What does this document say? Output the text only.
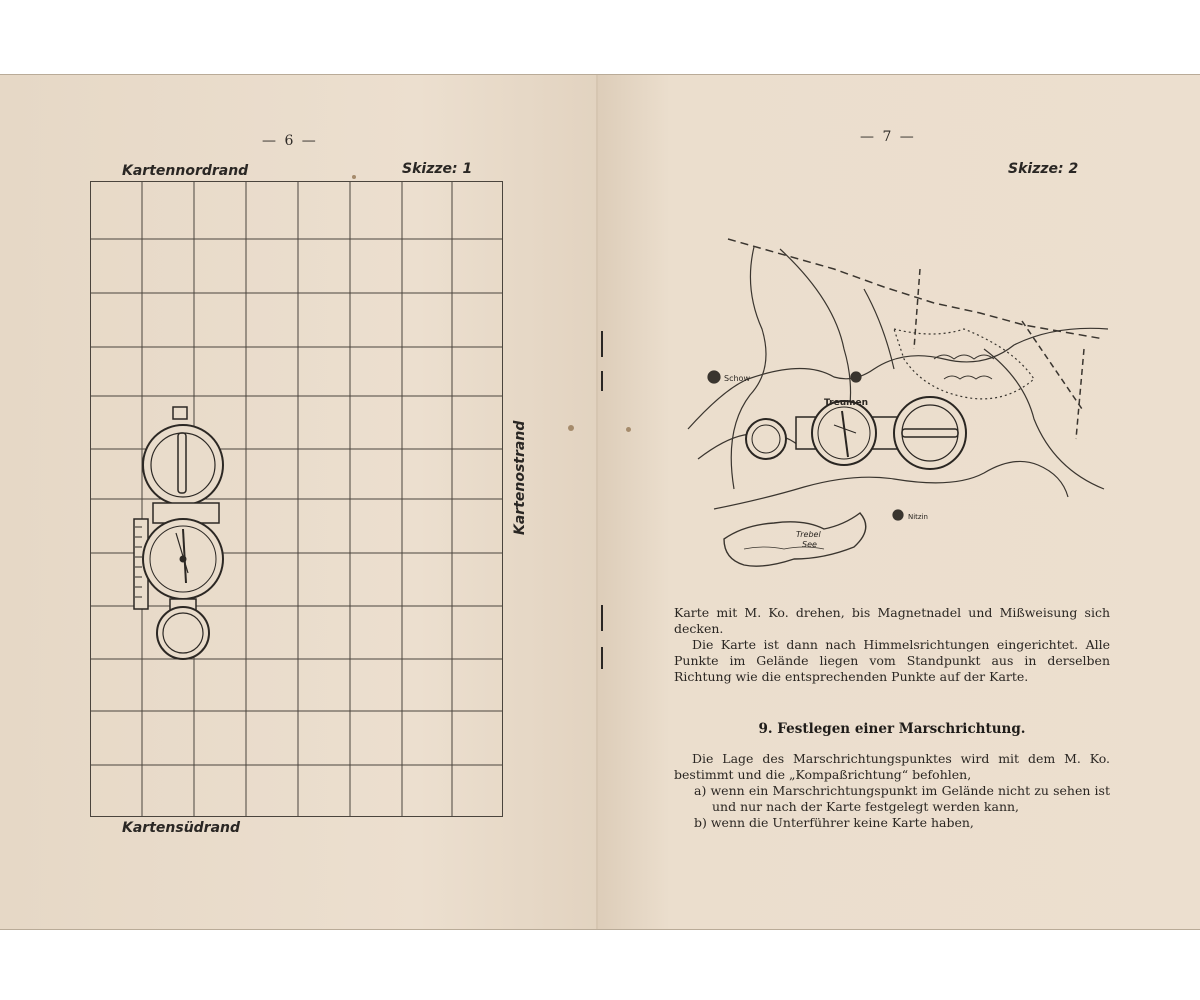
— 6 —
Kartennordrand	Skizze: 1
Kartenostrand
Kartensüdrand
— 7 —
Skizze: 2
Schow
Treumen
Nitzin
Trebel
See

Karte mit M. Ko. drehen, bis Magnetnadel und Mißweisung sich decken.

Die Karte ist dann nach Himmelsrichtungen eingerichtet. Alle Punkte im Gelände liegen vom Standpunkt aus in derselben Richtung wie die entsprechenden Punkte auf der Karte.

9. Festlegen einer Marschrichtung.

Die Lage des Marschrichtungspunktes wird mit dem M. Ko. bestimmt und die „Kompaßrichtung“ befohlen,

a) wenn ein Marschrichtungspunkt im Gelände nicht zu sehen ist und nur nach der Karte festgelegt werden kann,

b) wenn die Unterführer keine Karte haben,
